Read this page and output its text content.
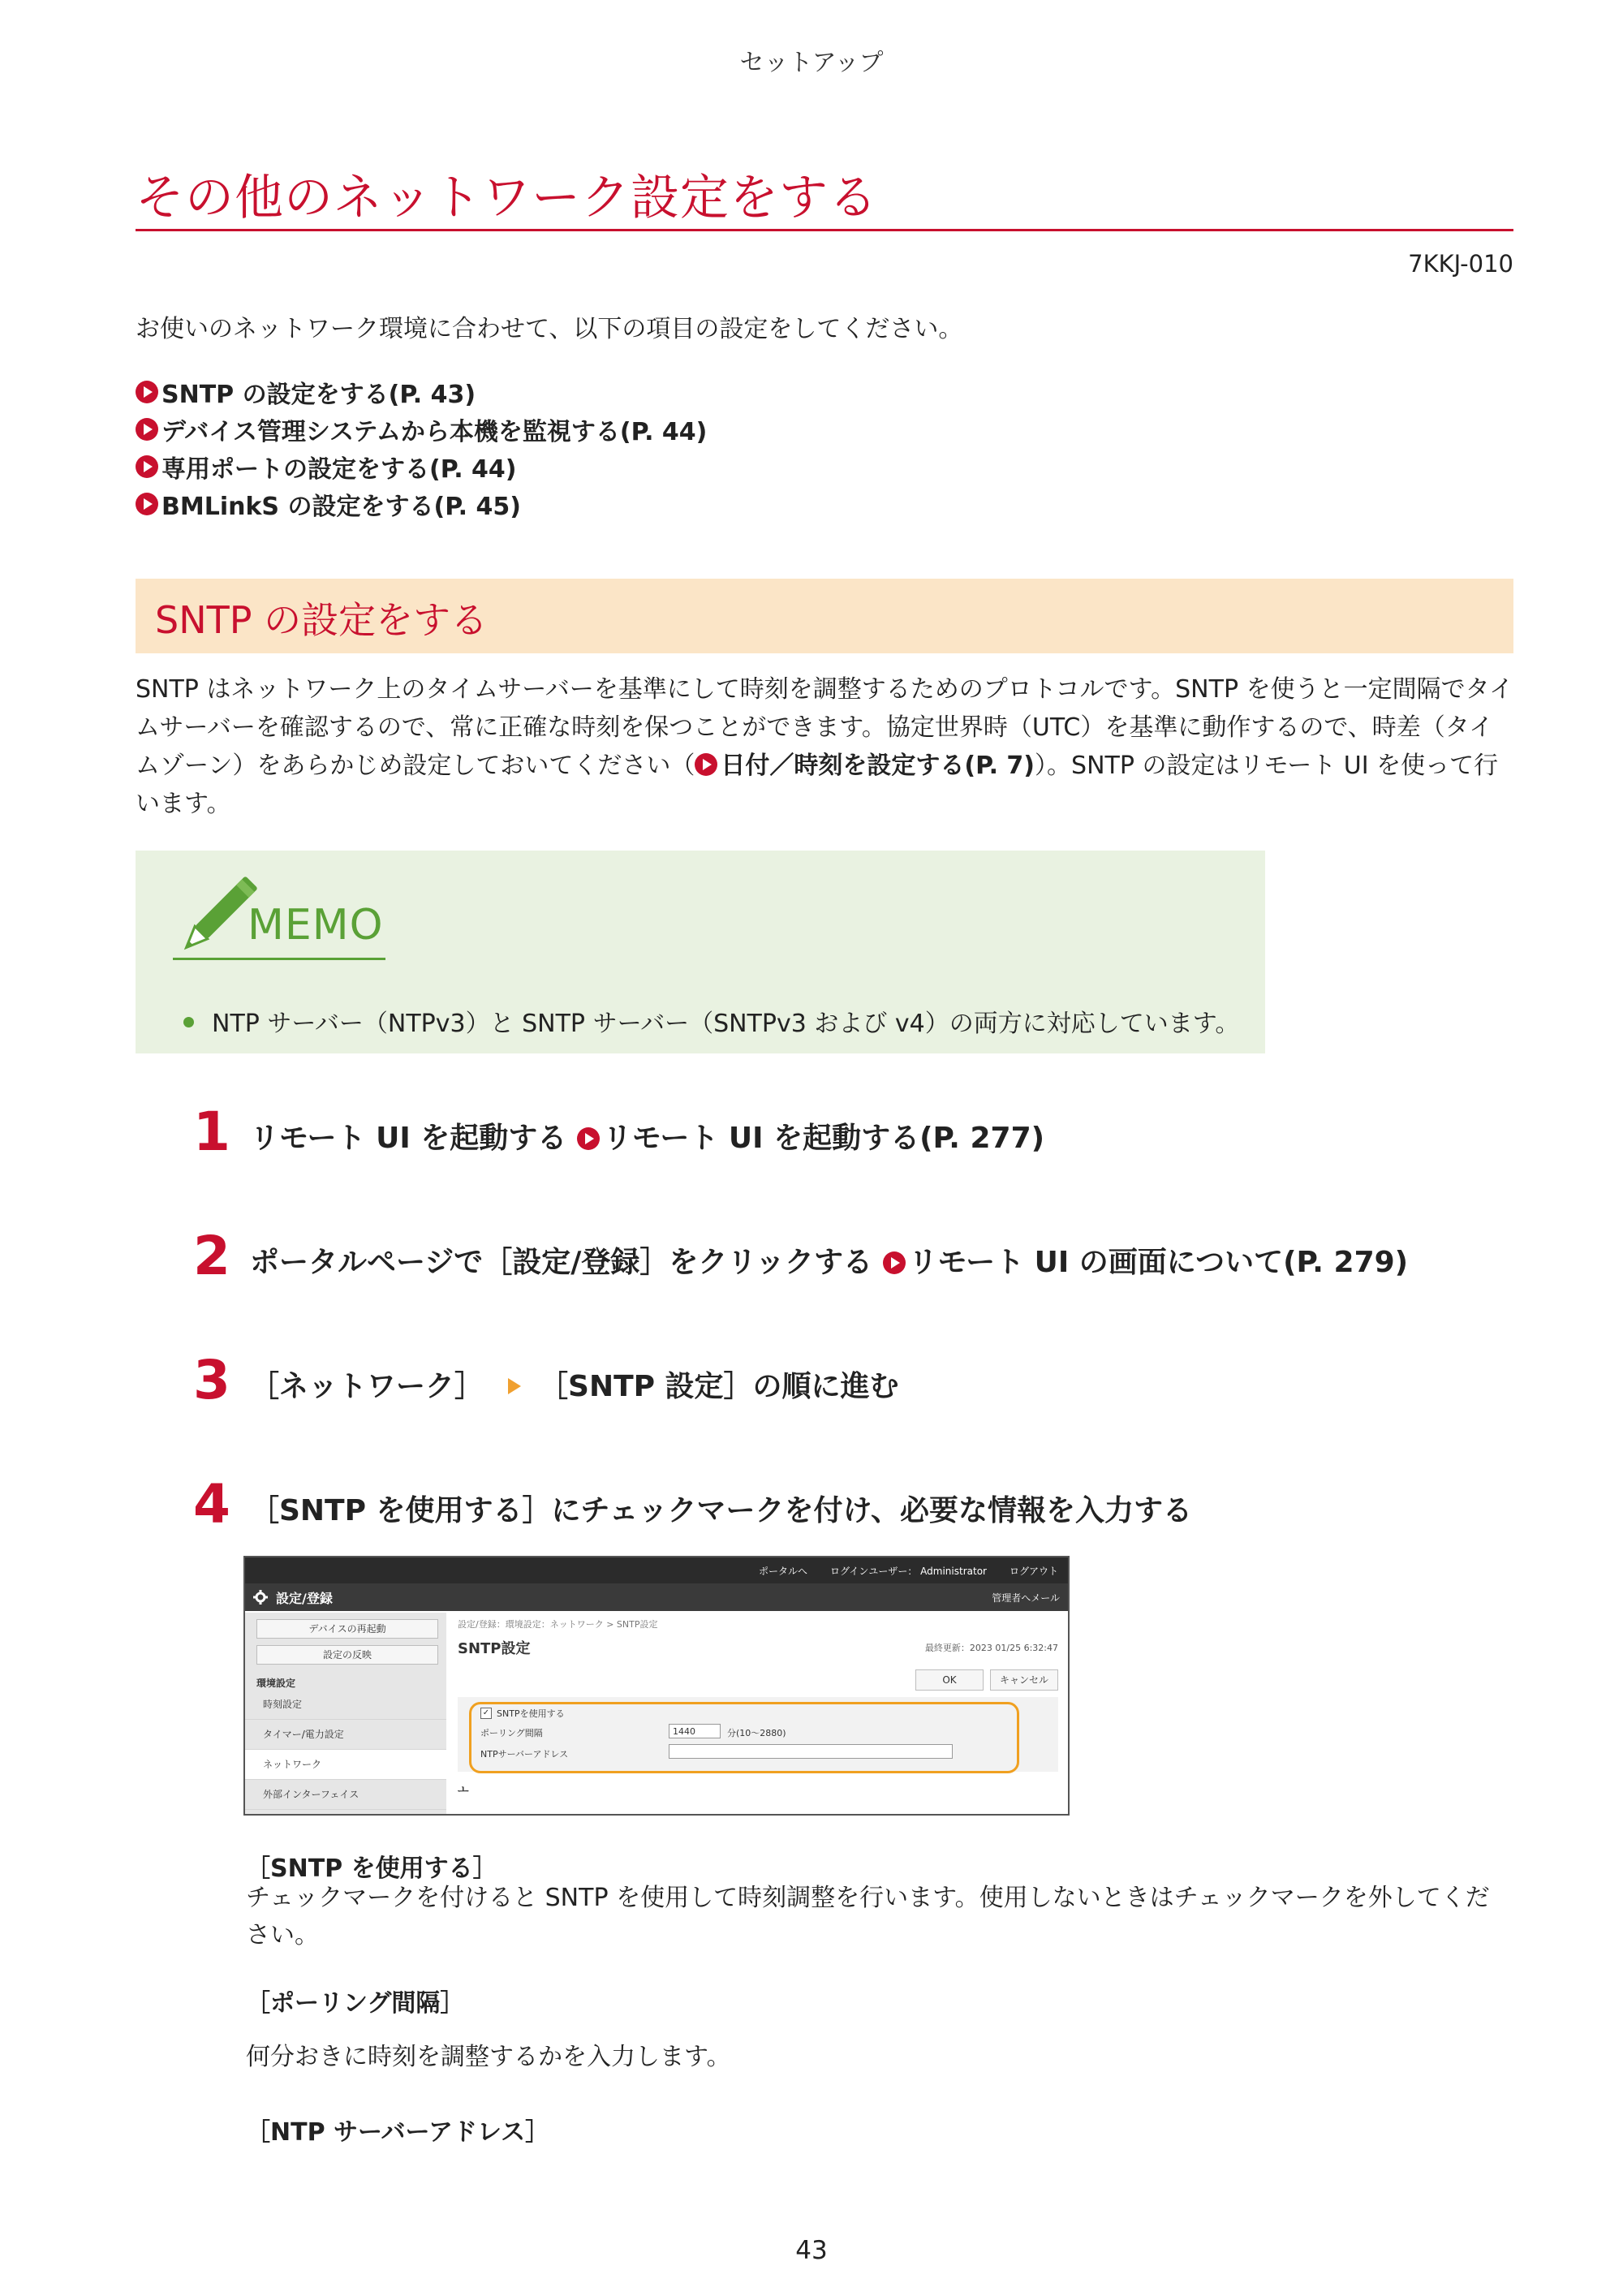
セットアップ
その他のネットワーク設定をする
7KKJ-010
お使いのネットワーク環境に合わせて、以下の項目の設定をしてください。
SNTP の設定をする(P. 43)
デバイス管理システムから本機を監視する(P. 44)
専用ポートの設定をする(P. 44)
BMLinkS の設定をする(P. 45)
SNTP の設定をする
SNTP はネットワーク上のタイムサーバーを基準にして時刻を調整するためのプロトコルです。SNTP を使うと一定間隔でタイムサーバーを確認するので、常に正確な時刻を保つことができます。協定世界時（UTC）を基準に動作するので、時差（タイムゾーン）をあらかじめ設定しておいてください（ 日付／時刻を設定する(P. 7)）。SNTP の設定はリモート UI を使って行います。
MEMO
NTP サーバー（NTPv3）と SNTP サーバー（SNTPv3 および v4）の両方に対応しています。
1 リモート UI を起動する リモート UI を起動する(P. 277)
2 ポータルページで［設定/登録］をクリックする リモート UI の画面について(P. 279)
3 ［ネットワーク］ ［SNTP 設定］の順に進む
4 ［SNTP を使用する］にチェックマークを付け、必要な情報を入力する
ポータルへ ログインユーザー： Administrator ログアウト
設定/登録	管理者へメール
デバイスの再起動
設定の反映
環境設定
時刻設定
タイマー/電力設定
ネットワーク
外部インターフェイス
設定/登録：環境設定：ネットワーク > SNTP設定
SNTP設定	最終更新：2023 01/25 6:32:47
OK	キャンセル
✓ SNTPを使用する
ポーリング間隔	1440	分(10～2880)
NTPサーバーアドレス
ㅗ
［SNTP を使用する］
チェックマークを付けると SNTP を使用して時刻調整を行います。使用しないときはチェックマークを外してください。
［ポーリング間隔］
何分おきに時刻を調整するかを入力します。
［NTP サーバーアドレス］
43
